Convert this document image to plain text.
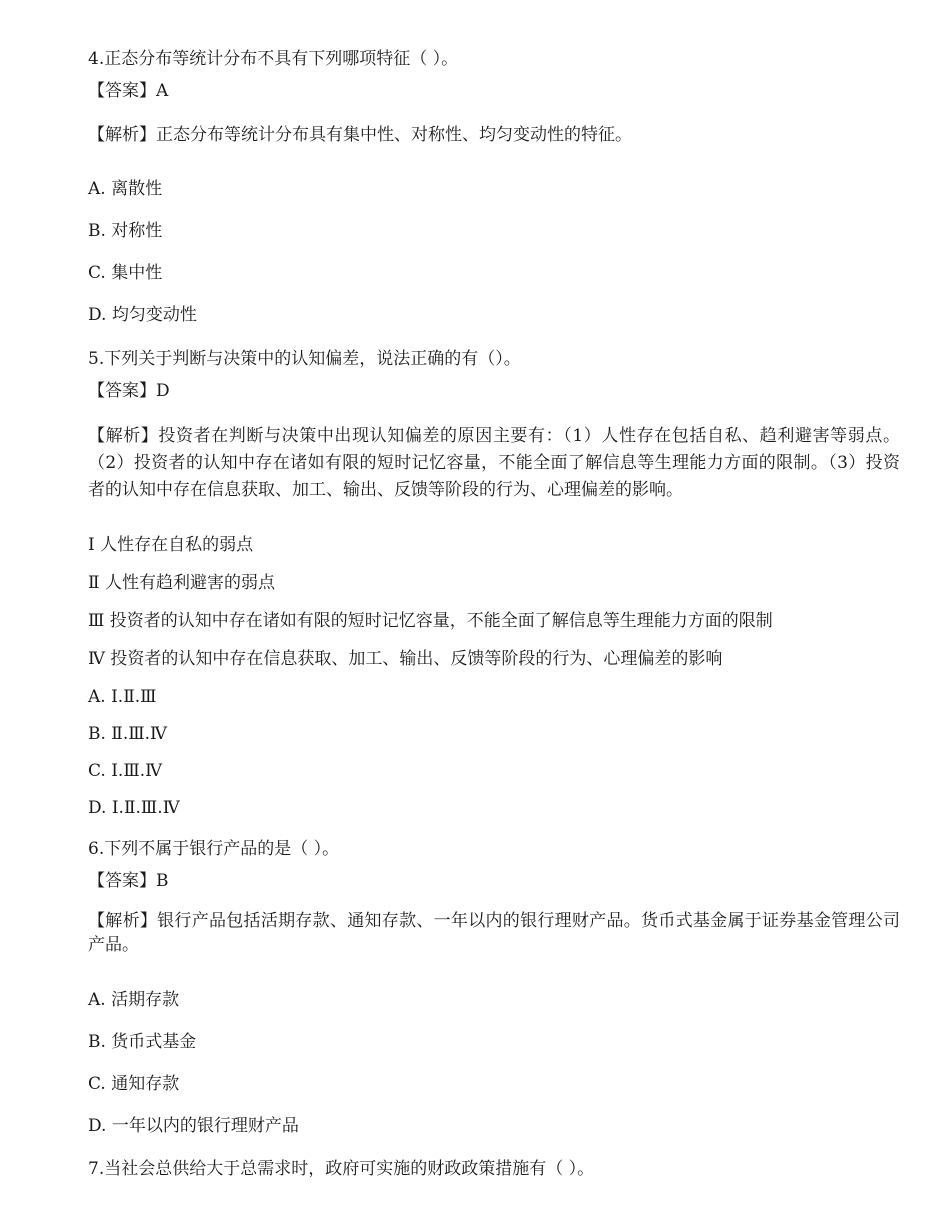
4.正态分布等统计分布不具有下列哪项特征（ ）。
【答案】A
【解析】正态分布等统计分布具有集中性、对称性、均匀变动性的特征。
A. 离散性
B. 对称性
C. 集中性
D. 均匀变动性
5.下列关于判断与决策中的认知偏差，说法正确的有（）。
【答案】D
【解析】投资者在判断与决策中出现认知偏差的原因主要有：（1）人性存在包括自私、趋利避害等弱点。（2）投资者的认知中存在诸如有限的短时记忆容量，不能全面了解信息等生理能力方面的限制。（3）投资者的认知中存在信息获取、加工、输出、反馈等阶段的行为、心理偏差的影响。
I 人性存在自私的弱点
Ⅱ 人性有趋利避害的弱点
Ⅲ 投资者的认知中存在诸如有限的短时记忆容量，不能全面了解信息等生理能力方面的限制
Ⅳ 投资者的认知中存在信息获取、加工、输出、反馈等阶段的行为、心理偏差的影响
A. I.Ⅱ.Ⅲ
B. Ⅱ.Ⅲ.Ⅳ
C. I.Ⅲ.Ⅳ
D. I.Ⅱ.Ⅲ.Ⅳ
6.下列不属于银行产品的是（ ）。
【答案】B
【解析】银行产品包括活期存款、通知存款、一年以内的银行理财产品。货币式基金属于证券基金管理公司产品。
A. 活期存款
B. 货币式基金
C. 通知存款
D. 一年以内的银行理财产品
7.当社会总供给大于总需求时，政府可实施的财政政策措施有（ ）。
